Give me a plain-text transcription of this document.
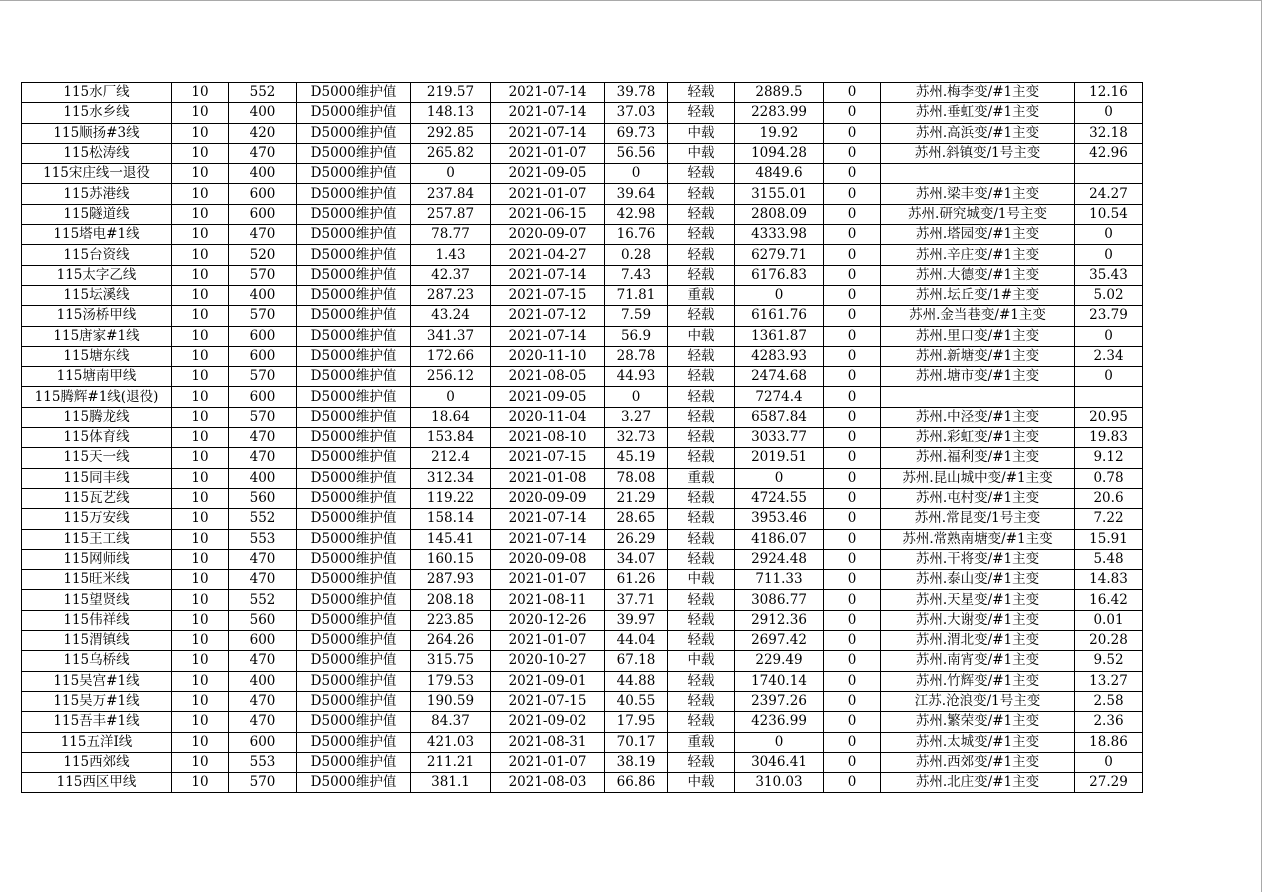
115水厂线	10	552	D5000维护值	219.57	2021-07-14	39.78	轻载	2889.5	0	苏州.梅李变/#1主变	12.16
115水乡线	10	400	D5000维护值	148.13	2021-07-14	37.03	轻载	2283.99	0	苏州.垂虹变/#1主变	0
115顺扬#3线	10	420	D5000维护值	292.85	2021-07-14	69.73	中载	19.92	0	苏州.高浜变/#1主变	32.18
115松涛线	10	470	D5000维护值	265.82	2021-01-07	56.56	中载	1094.28	0	苏州.斜镇变/1号主变	42.96
115宋庄线一退役	10	400	D5000维护值	0	2021-09-05	0	轻载	4849.6	0		
115苏港线	10	600	D5000维护值	237.84	2021-01-07	39.64	轻载	3155.01	0	苏州.梁丰变/#1主变	24.27
115隧道线	10	600	D5000维护值	257.87	2021-06-15	42.98	轻载	2808.09	0	苏州.研究城变/1号主变	10.54
115塔电#1线	10	470	D5000维护值	78.77	2020-09-07	16.76	轻载	4333.98	0	苏州.塔园变/#1主变	0
115台资线	10	520	D5000维护值	1.43	2021-04-27	0.28	轻载	6279.71	0	苏州.辛庄变/#1主变	0
115太字乙线	10	570	D5000维护值	42.37	2021-07-14	7.43	轻载	6176.83	0	苏州.大德变/#1主变	35.43
115坛溪线	10	400	D5000维护值	287.23	2021-07-15	71.81	重载	0	0	苏州.坛丘变/1#主变	5.02
115汤桥甲线	10	570	D5000维护值	43.24	2021-07-12	7.59	轻载	6161.76	0	苏州.金当巷变/#1主变	23.79
115唐家#1线	10	600	D5000维护值	341.37	2021-07-14	56.9	中载	1361.87	0	苏州.里口变/#1主变	0
115塘东线	10	600	D5000维护值	172.66	2020-11-10	28.78	轻载	4283.93	0	苏州.新塘变/#1主变	2.34
115塘南甲线	10	570	D5000维护值	256.12	2021-08-05	44.93	轻载	2474.68	0	苏州.塘市变/#1主变	0
115腾辉#1线(退役)	10	600	D5000维护值	0	2021-09-05	0	轻载	7274.4	0		
115腾龙线	10	570	D5000维护值	18.64	2020-11-04	3.27	轻载	6587.84	0	苏州.中泾变/#1主变	20.95
115体育线	10	470	D5000维护值	153.84	2021-08-10	32.73	轻载	3033.77	0	苏州.彩虹变/#1主变	19.83
115天一线	10	470	D5000维护值	212.4	2021-07-15	45.19	轻载	2019.51	0	苏州.福利变/#1主变	9.12
115同丰线	10	400	D5000维护值	312.34	2021-01-08	78.08	重载	0	0	苏州.昆山城中变/#1主变	0.78
115瓦艺线	10	560	D5000维护值	119.22	2020-09-09	21.29	轻载	4724.55	0	苏州.屯村变/#1主变	20.6
115万安线	10	552	D5000维护值	158.14	2021-07-14	28.65	轻载	3953.46	0	苏州.常昆变/1号主变	7.22
115王工线	10	553	D5000维护值	145.41	2021-07-14	26.29	轻载	4186.07	0	苏州.常熟南塘变/#1主变	15.91
115网师线	10	470	D5000维护值	160.15	2020-09-08	34.07	轻载	2924.48	0	苏州.干将变/#1主变	5.48
115旺米线	10	470	D5000维护值	287.93	2021-01-07	61.26	中载	711.33	0	苏州.泰山变/#1主变	14.83
115望贤线	10	552	D5000维护值	208.18	2021-08-11	37.71	轻载	3086.77	0	苏州.天星变/#1主变	16.42
115伟祥线	10	560	D5000维护值	223.85	2020-12-26	39.97	轻载	2912.36	0	苏州.大谢变/#1主变	0.01
115渭镇线	10	600	D5000维护值	264.26	2021-01-07	44.04	轻载	2697.42	0	苏州.渭北变/#1主变	20.28
115乌桥线	10	470	D5000维护值	315.75	2020-10-27	67.18	中载	229.49	0	苏州.南宵变/#1主变	9.52
115吴宫#1线	10	400	D5000维护值	179.53	2021-09-01	44.88	轻载	1740.14	0	苏州.竹辉变/#1主变	13.27
115吴万#1线	10	470	D5000维护值	190.59	2021-07-15	40.55	轻载	2397.26	0	江苏.沧浪变/1号主变	2.58
115吾丰#1线	10	470	D5000维护值	84.37	2021-09-02	17.95	轻载	4236.99	0	苏州.繁荣变/#1主变	2.36
115五洋I线	10	600	D5000维护值	421.03	2021-08-31	70.17	重载	0	0	苏州.太城变/#1主变	18.86
115西郊线	10	553	D5000维护值	211.21	2021-01-07	38.19	轻载	3046.41	0	苏州.西郊变/#1主变	0
115西区甲线	10	570	D5000维护值	381.1	2021-08-03	66.86	中载	310.03	0	苏州.北庄变/#1主变	27.29
